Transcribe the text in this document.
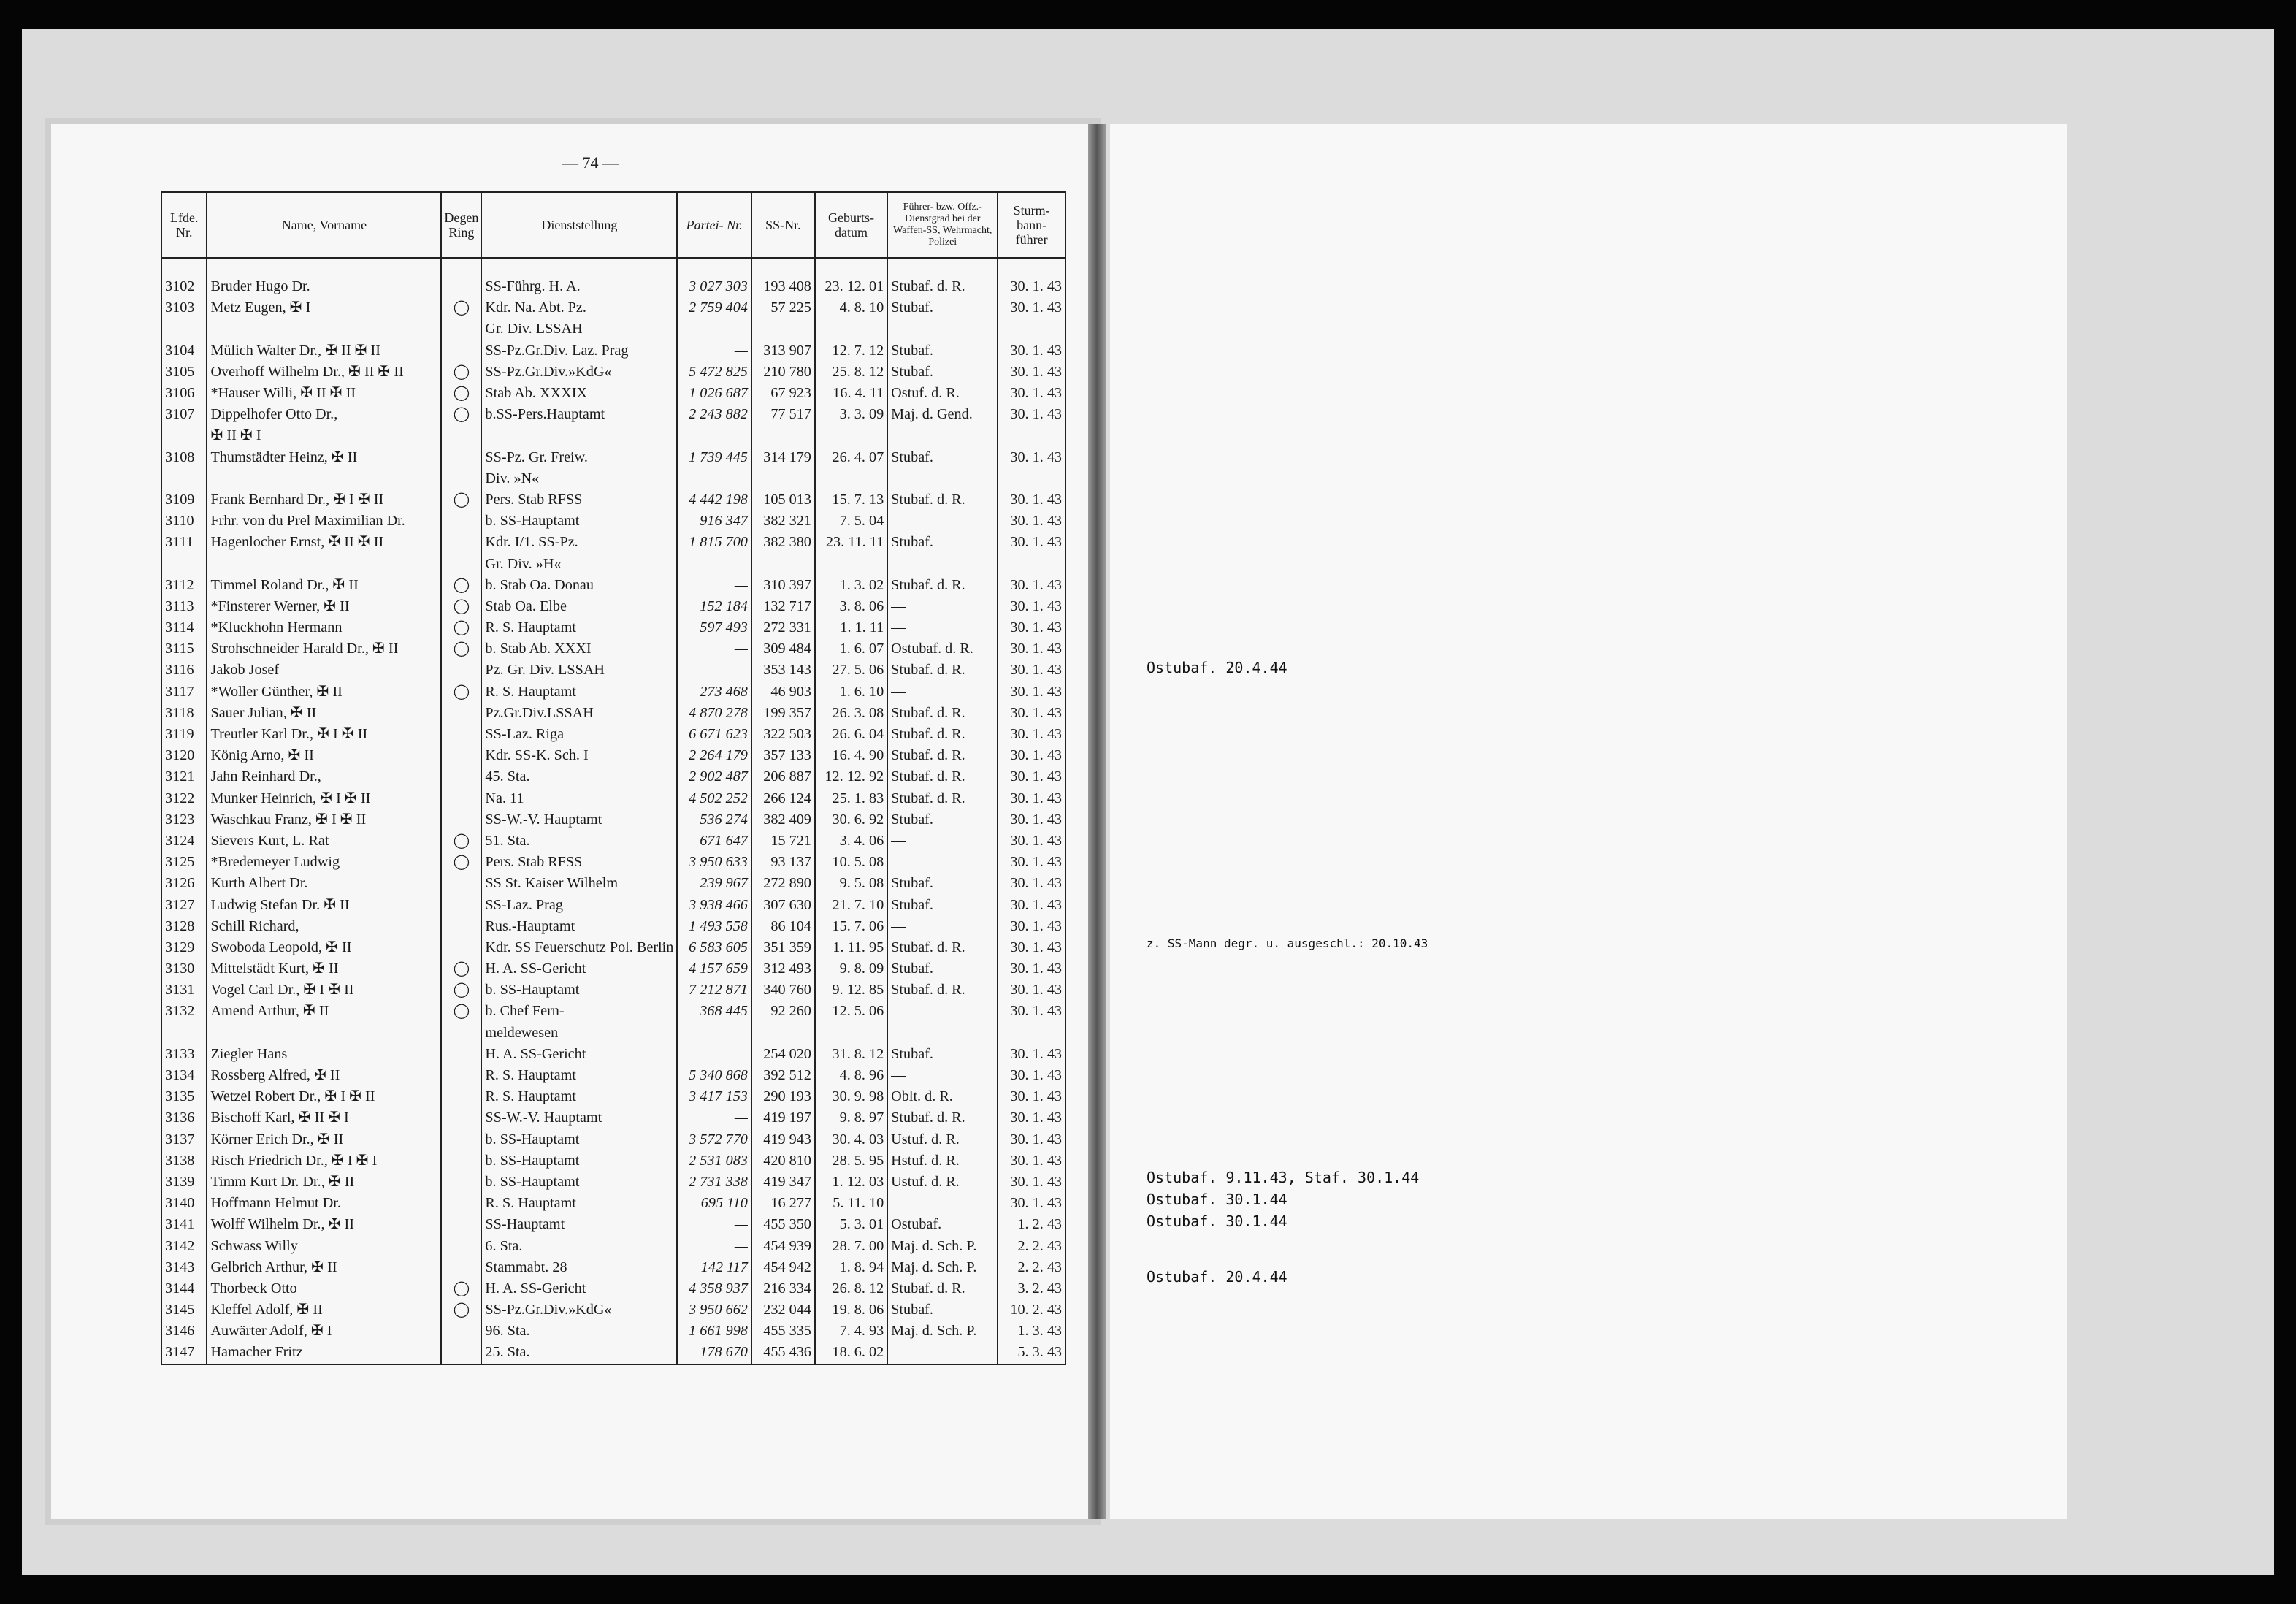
— 74 —
Lfde. Nr.	Name, Vorname	Degen Ring	Dienststellung	Partei- Nr.	SS-Nr.	Geburts- datum	Führer- bzw. Offz.- Dienstgrad bei der Waffen-SS, Wehrmacht, Polizei	Sturm- bann- führer

3102	Bruder Hugo Dr.		SS-Führg. H. A.	3 027 303	193 408	23. 12. 01	Stubaf. d. R.	30. 1. 43
3103	Metz Eugen, ✠ I	◯	Kdr. Na. Abt. Pz.	2 759 404	57 225	4. 8. 10	Stubaf.	30. 1. 43
			Gr. Div. LSSAH					
3104	Mülich Walter Dr., ✠ II ✠ II		SS-Pz.Gr.Div. Laz. Prag	—	313 907	12. 7. 12	Stubaf.	30. 1. 43
3105	Overhoff Wilhelm Dr., ✠ II ✠ II	◯	SS-Pz.Gr.Div.»KdG«	5 472 825	210 780	25. 8. 12	Stubaf.	30. 1. 43
3106	*Hauser Willi, ✠ II ✠ II	◯	Stab Ab. XXXIX	1 026 687	67 923	16. 4. 11	Ostuf. d. R.	30. 1. 43
3107	Dippelhofer Otto Dr.,	◯	b.SS-Pers.Hauptamt	2 243 882	77 517	3. 3. 09	Maj. d. Gend.	30. 1. 43
	✠ II ✠ I							
3108	Thumstädter Heinz, ✠ II		SS-Pz. Gr. Freiw.	1 739 445	314 179	26. 4. 07	Stubaf.	30. 1. 43
			Div. »N«					
3109	Frank Bernhard Dr., ✠ I ✠ II	◯	Pers. Stab RFSS	4 442 198	105 013	15. 7. 13	Stubaf. d. R.	30. 1. 43
3110	Frhr. von du Prel Maximilian Dr.		b. SS-Hauptamt	916 347	382 321	7. 5. 04	—	30. 1. 43
3111	Hagenlocher Ernst, ✠ II ✠ II		Kdr. I/1. SS-Pz.	1 815 700	382 380	23. 11. 11	Stubaf.	30. 1. 43
			Gr. Div. »H«					
3112	Timmel Roland Dr., ✠ II	◯	b. Stab Oa. Donau	—	310 397	1. 3. 02	Stubaf. d. R.	30. 1. 43
3113	*Finsterer Werner, ✠ II	◯	Stab Oa. Elbe	152 184	132 717	3. 8. 06	—	30. 1. 43
3114	*Kluckhohn Hermann	◯	R. S. Hauptamt	597 493	272 331	1. 1. 11	—	30. 1. 43
3115	Strohschneider Harald Dr., ✠ II	◯	b. Stab Ab. XXXI	—	309 484	1. 6. 07	Ostubaf. d. R.	30. 1. 43
3116	Jakob Josef		Pz. Gr. Div. LSSAH	—	353 143	27. 5. 06	Stubaf. d. R.	30. 1. 43
3117	*Woller Günther, ✠ II	◯	R. S. Hauptamt	273 468	46 903	1. 6. 10	—	30. 1. 43
3118	Sauer Julian, ✠ II		Pz.Gr.Div.LSSAH	4 870 278	199 357	26. 3. 08	Stubaf. d. R.	30. 1. 43
3119	Treutler Karl Dr., ✠ I ✠ II		SS-Laz. Riga	6 671 623	322 503	26. 6. 04	Stubaf. d. R.	30. 1. 43
3120	König Arno, ✠ II		Kdr. SS-K. Sch. I	2 264 179	357 133	16. 4. 90	Stubaf. d. R.	30. 1. 43
3121	Jahn Reinhard Dr.,		45. Sta.	2 902 487	206 887	12. 12. 92	Stubaf. d. R.	30. 1. 43
3122	Munker Heinrich, ✠ I ✠ II		Na. 11	4 502 252	266 124	25. 1. 83	Stubaf. d. R.	30. 1. 43
3123	Waschkau Franz, ✠ I ✠ II		SS-W.-V. Hauptamt	536 274	382 409	30. 6. 92	Stubaf.	30. 1. 43
3124	Sievers Kurt, L. Rat	◯	51. Sta.	671 647	15 721	3. 4. 06	—	30. 1. 43
3125	*Bredemeyer Ludwig	◯	Pers. Stab RFSS	3 950 633	93 137	10. 5. 08	—	30. 1. 43
3126	Kurth Albert Dr.		SS St. Kaiser Wilhelm	239 967	272 890	9. 5. 08	Stubaf.	30. 1. 43
3127	Ludwig Stefan Dr. ✠ II		SS-Laz. Prag	3 938 466	307 630	21. 7. 10	Stubaf.	30. 1. 43
3128	Schill Richard,		Rus.-Hauptamt	1 493 558	86 104	15. 7. 06	—	30. 1. 43
3129	Swoboda Leopold, ✠ II		Kdr. SS Feuerschutz Pol. Berlin	6 583 605	351 359	1. 11. 95	Stubaf. d. R.	30. 1. 43
3130	Mittelstädt Kurt, ✠ II	◯	H. A. SS-Gericht	4 157 659	312 493	9. 8. 09	Stubaf.	30. 1. 43
3131	Vogel Carl Dr., ✠ I ✠ II	◯	b. SS-Hauptamt	7 212 871	340 760	9. 12. 85	Stubaf. d. R.	30. 1. 43
3132	Amend Arthur, ✠ II	◯	b. Chef Fern-	368 445	92 260	12. 5. 06	—	30. 1. 43
			meldewesen					
3133	Ziegler Hans		H. A. SS-Gericht	—	254 020	31. 8. 12	Stubaf.	30. 1. 43
3134	Rossberg Alfred, ✠ II		R. S. Hauptamt	5 340 868	392 512	4. 8. 96	—	30. 1. 43
3135	Wetzel Robert Dr., ✠ I ✠ II		R. S. Hauptamt	3 417 153	290 193	30. 9. 98	Oblt. d. R.	30. 1. 43
3136	Bischoff Karl, ✠ II ✠ I		SS-W.-V. Hauptamt	—	419 197	9. 8. 97	Stubaf. d. R.	30. 1. 43
3137	Körner Erich Dr., ✠ II		b. SS-Hauptamt	3 572 770	419 943	30. 4. 03	Ustuf. d. R.	30. 1. 43
3138	Risch Friedrich Dr., ✠ I ✠ I		b. SS-Hauptamt	2 531 083	420 810	28. 5. 95	Hstuf. d. R.	30. 1. 43
3139	Timm Kurt Dr. Dr., ✠ II		b. SS-Hauptamt	2 731 338	419 347	1. 12. 03	Ustuf. d. R.	30. 1. 43
3140	Hoffmann Helmut Dr.		R. S. Hauptamt	695 110	16 277	5. 11. 10	—	30. 1. 43
3141	Wolff Wilhelm Dr., ✠ II		SS-Hauptamt	—	455 350	5. 3. 01	Ostubaf.	1. 2. 43
3142	Schwass Willy		6. Sta.	—	454 939	28. 7. 00	Maj. d. Sch. P.	2. 2. 43
3143	Gelbrich Arthur, ✠ II		Stammabt. 28	142 117	454 942	1. 8. 94	Maj. d. Sch. P.	2. 2. 43
3144	Thorbeck Otto	◯	H. A. SS-Gericht	4 358 937	216 334	26. 8. 12	Stubaf. d. R.	3. 2. 43
3145	Kleffel Adolf, ✠ II	◯	SS-Pz.Gr.Div.»KdG«	3 950 662	232 044	19. 8. 06	Stubaf.	10. 2. 43
3146	Auwärter Adolf, ✠ I		96. Sta.	1 661 998	455 335	7. 4. 93	Maj. d. Sch. P.	1. 3. 43
3147	Hamacher Fritz		25. Sta.	178 670	455 436	18. 6. 02	—	5. 3. 43
Ostubaf. 20.4.44
z. SS-Mann degr. u. ausgeschl.: 20.10.43
Ostubaf. 9.11.43, Staf. 30.1.44
Ostubaf. 30.1.44
Ostubaf. 30.1.44
Ostubaf. 20.4.44
